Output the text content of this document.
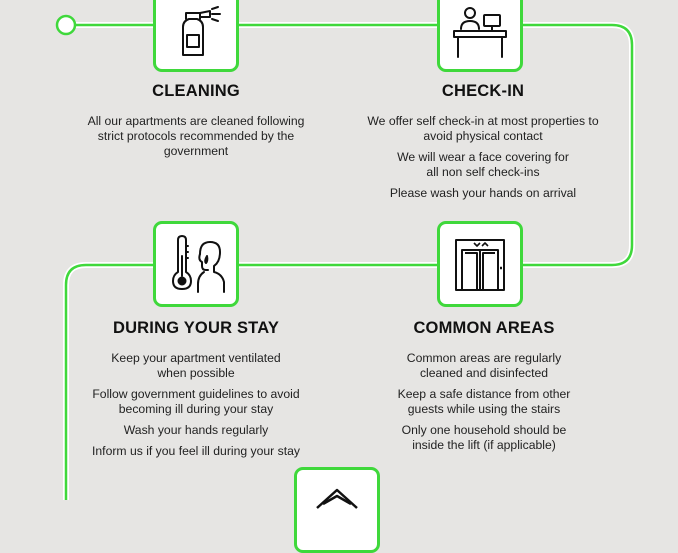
CLEANING

All our apartments are cleaned following strict protocols recommended by the government

CHECK-IN

We offer self check-in at most properties to avoid physical contact

We will wear a face covering for all non self check-ins

Please wash your hands on arrival

DURING YOUR STAY

Keep your apartment ventilated when possible

Follow government guidelines to avoid becoming ill during your stay

Wash your hands regularly

Inform us if you feel ill during your stay

COMMON AREAS

Common areas are regularly cleaned and disinfected

Keep a safe distance from other guests while using the stairs

Only one household should be inside the lift (if applicable)
